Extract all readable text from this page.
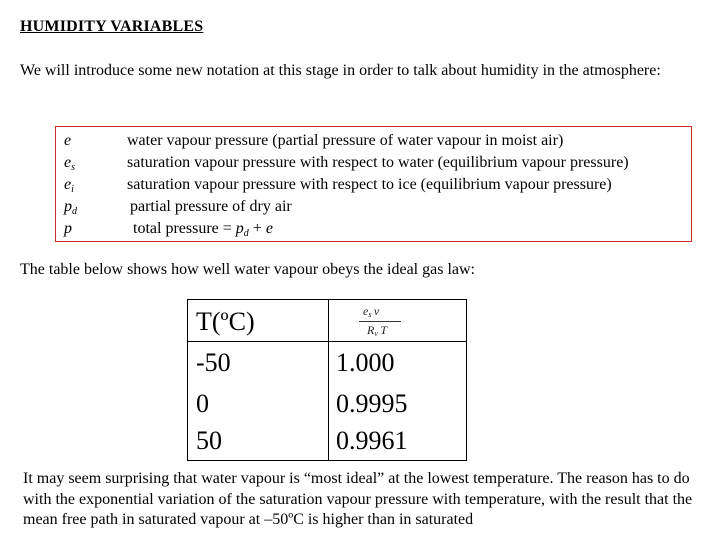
HUMIDITY VARIABLES
We will introduce some new notation at this stage in order to talk about humidity in the atmosphere:
e	water vapour pressure (partial pressure of water vapour in moist air)
$e_s$	saturation vapour pressure with respect to water (equilibrium vapour pressure)
$e_i$	saturation vapour pressure with respect to ice (equilibrium vapour pressure)
$p_d$	partial pressure of dry air
p	total pressure = $p_d + e$
The table below shows how well water vapour obeys the ideal gas law:
T(ºC)	$e_s$  v
$R_v$  T
-50	1.000
0	0.9995
50	0.9961
It may seem surprising that water vapour is “most ideal” at the lowest temperature. The reason has to do with the exponential variation of the saturation vapour pressure with temperature, with the result that the mean free path in saturated vapour at –50ºC is higher than in saturated
